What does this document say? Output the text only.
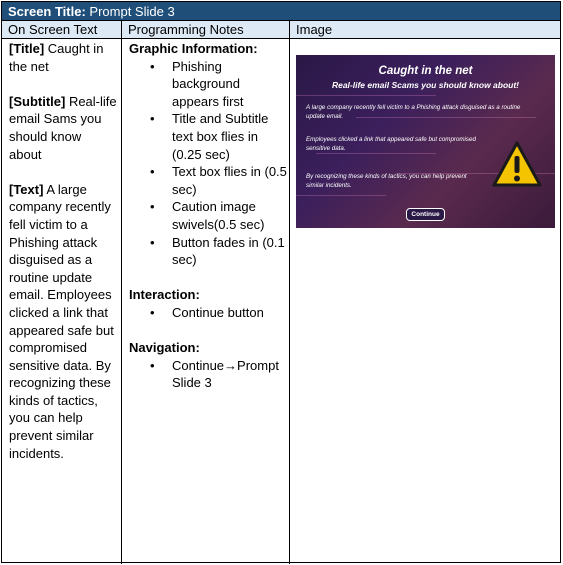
Screen Title: Prompt Slide 3
On Screen Text	Programming Notes	Image
[Title] Caught in the net
[Subtitle] Real-life email Sams you should know about
[Text] A large company recently fell victim to a Phishing attack disguised as a routine update email. Employees clicked a link that appeared safe but compromised sensitive data. By recognizing these kinds of tactics, you can help prevent similar incidents.
Graphic Information:
• Phishing background appears first
• Title and Subtitle text box flies in (0.25 sec)
• Text box flies in (0.5 sec)
• Caution image swivels(0.5 sec)
• Button fades in (0.1 sec)
Interaction:
• Continue button
Navigation:
• Continue→Prompt Slide 3
Caught in the net
Real-life email Scams you should know about!
A large company recently fell victim to a Phishing attack disguised as a routine update email.
Employees clicked a link that appeared safe but compromised sensitive data.
By recognizing these kinds of tactics, you can help prevent similar incidents.
Continue
